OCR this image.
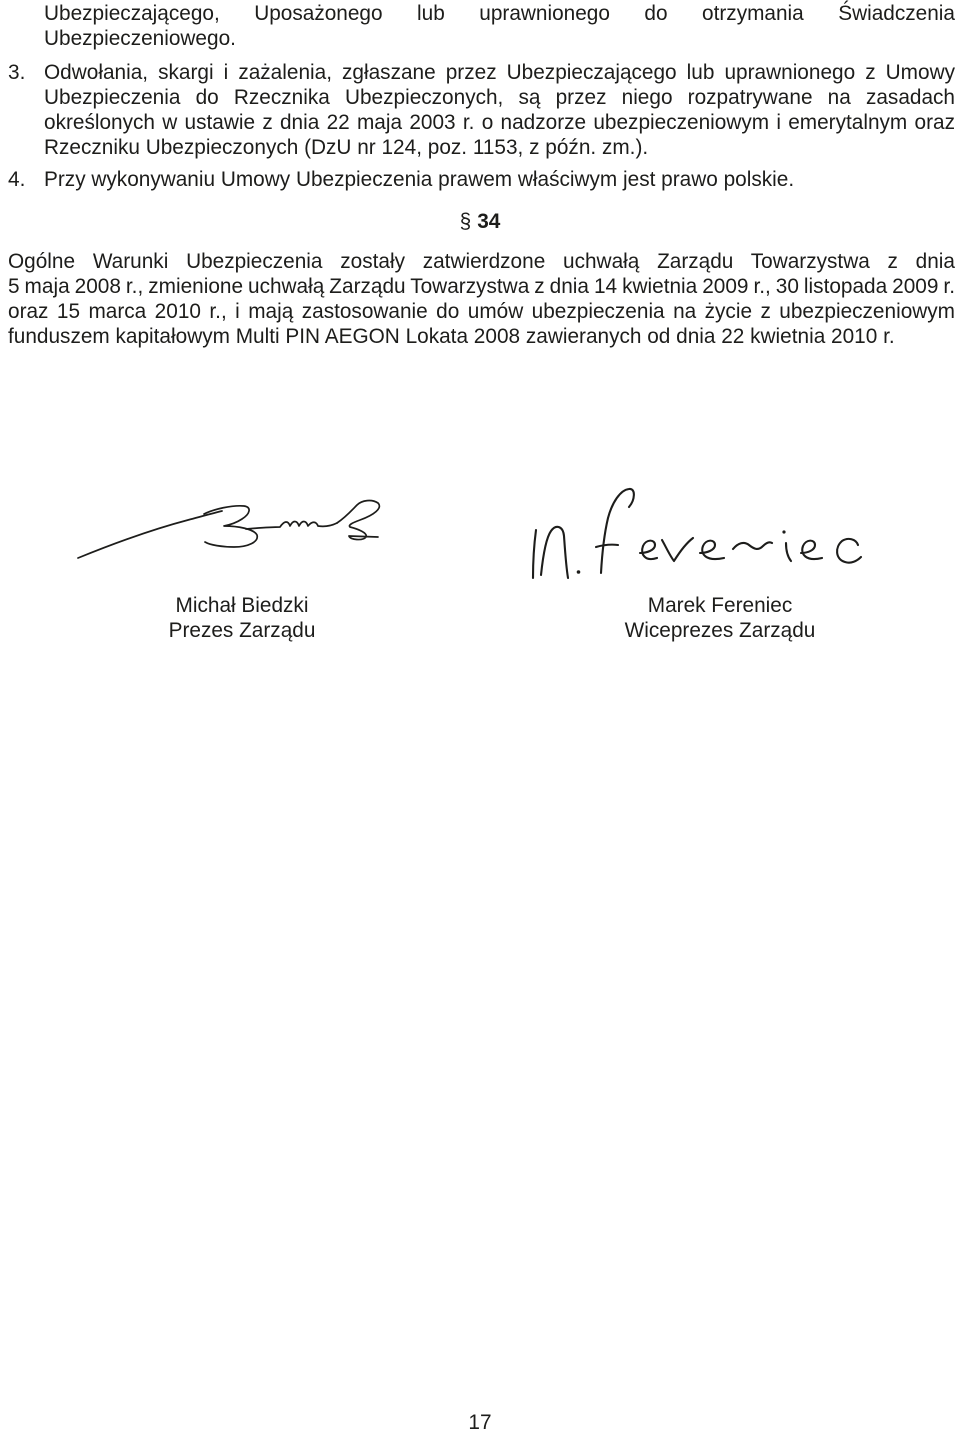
Ubezpieczającego, Uposażonego lub uprawnionego do otrzymania Świadczenia
Ubezpieczeniowego.
3. Odwołania, skargi i zażalenia, zgłaszane przez Ubezpieczającego lub uprawnionego z Umowy
Ubezpieczenia do Rzecznika Ubezpieczonych, są przez niego rozpatrywane na zasadach
określonych w ustawie z dnia 22 maja 2003 r. o nadzorze ubezpieczeniowym i emerytalnym oraz
Rzeczniku Ubezpieczonych (DzU nr 124, poz. 1153, z późn. zm.).
4. Przy wykonywaniu Umowy Ubezpieczenia prawem właściwym jest prawo polskie.
§ 34
Ogólne Warunki Ubezpieczenia zostały zatwierdzone uchwałą Zarządu Towarzystwa z dnia
5 maja 2008 r., zmienione uchwałą Zarządu Towarzystwa z dnia 14 kwietnia 2009 r., 30 listopada 2009 r.
oraz 15 marca 2010 r., i mają zastosowanie do umów ubezpieczenia na życie z ubezpieczeniowym
funduszem kapitałowym Multi PIN AEGON Lokata 2008 zawieranych od dnia 22 kwietnia 2010 r.
Michał Biedzki
Prezes Zarządu
Marek Fereniec
Wiceprezes Zarządu
17
